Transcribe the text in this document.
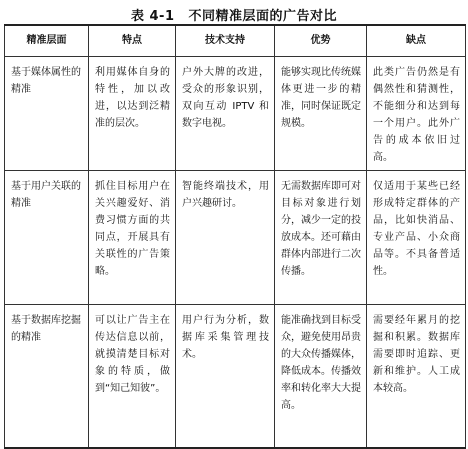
表 4-1 不同精准层面的广告对比
精准层面	特点	技术支持	优势	缺点
基于媒体属性的精准	利用媒体自身的特性，加以改进，以达到泛精准的层次。	户外大牌的改进，受众的形象识别，双向互动 IPTV 和数字电视。	能够实现比传统媒体更进一步的精准，同时保证既定规模。	此类广告仍然是有偶然性和猜测性，不能细分和达到每一个用户。此外广告的成本依旧过高。
基于用户关联的精准	抓住目标用户在关兴趣爱好、消费习惯方面的共同点，开展具有关联性的广告策略。	智能终端技术，用户兴趣研讨。	无需数据库即可对目标对象进行划分，减少一定的投放成本。还可藉由群体内部进行二次传播。	仅适用于某些已经形成特定群体的产品，比如快消品、专业产品、小众商品等。不具备普适性。
基于数据库挖掘的精准	可以让广告主在传达信息以前，就摸清楚目标对象的特质，做到“知己知彼”。	用户行为分析，数据库采集管理技术。	能准确找到目标受众，避免使用昂贵的大众传播媒体，降低成本。传播效率和转化率大大提高。	需要经年累月的挖掘和积累。数据库需要即时追踪、更新和维护。人工成本较高。
